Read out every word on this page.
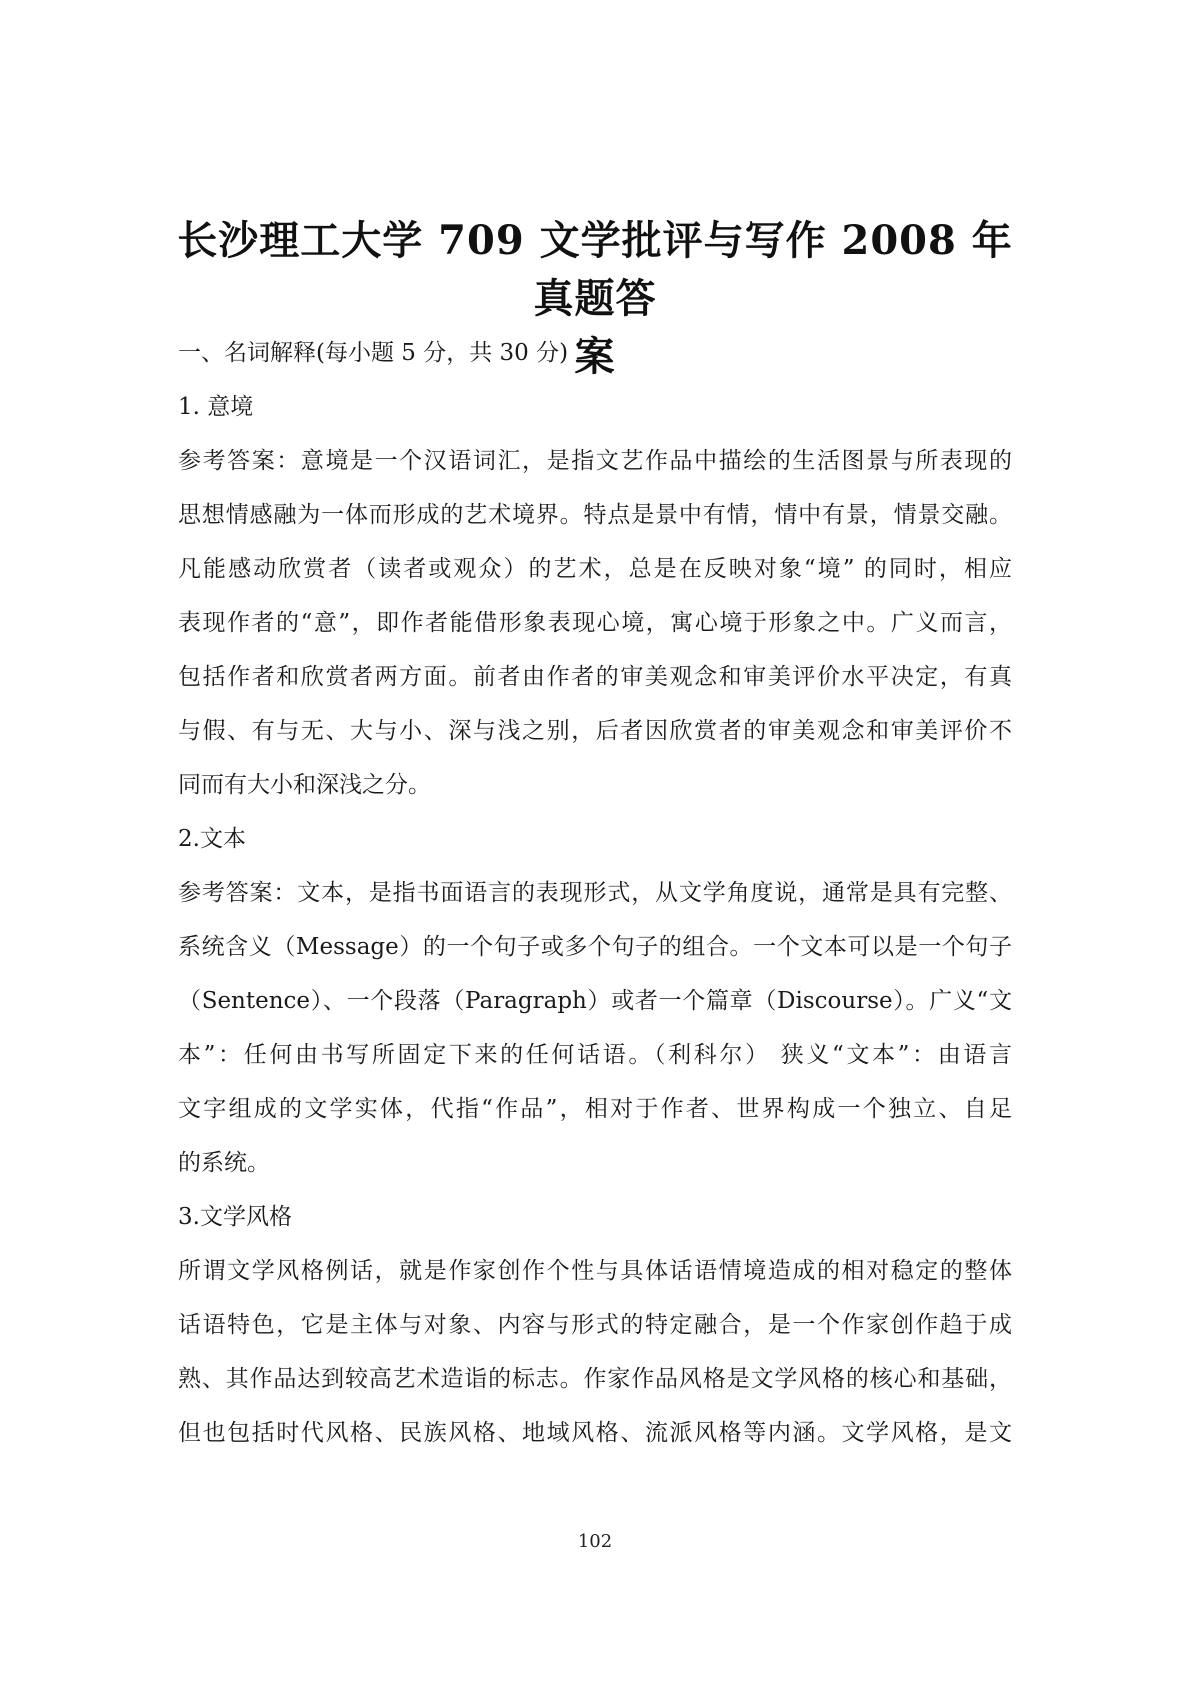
长沙理工大学 709 文学批评与写作 2008 年真题答
案

一、名词解释(每小题 5 分，共 30 分)

1. 意境

参考答案：意境是一个汉语词汇，是指文艺作品中描绘的生活图景与所表现的

思想情感融为一体而形成的艺术境界。特点是景中有情，情中有景，情景交融。

凡能感动欣赏者（读者或观众）的艺术，总是在反映对象“境” 的同时，相应

表现作者的“意”，即作者能借形象表现心境，寓心境于形象之中。广义而言，

包括作者和欣赏者两方面。前者由作者的审美观念和审美评价水平决定，有真

与假、有与无、大与小、深与浅之别，后者因欣赏者的审美观念和审美评价不

同而有大小和深浅之分。

2.文本

参考答案：文本，是指书面语言的表现形式，从文学角度说，通常是具有完整、

系统含义（Message）的一个句子或多个句子的组合。一个文本可以是一个句子

（Sentence）、一个段落（Paragraph）或者一个篇章（Discourse）。广义“文

本”：任何由书写所固定下来的任何话语。（利科尔） 狭义“文本”：由语言

文字组成的文学实体，代指“作品”，相对于作者、世界构成一个独立、自足

的系统。

3.文学风格

所谓文学风格例话，就是作家创作个性与具体话语情境造成的相对稳定的整体

话语特色，它是主体与对象、内容与形式的特定融合，是一个作家创作趋于成

熟、其作品达到较高艺术造诣的标志。作家作品风格是文学风格的核心和基础，

但也包括时代风格、民族风格、地域风格、流派风格等内涵。文学风格，是文

102
